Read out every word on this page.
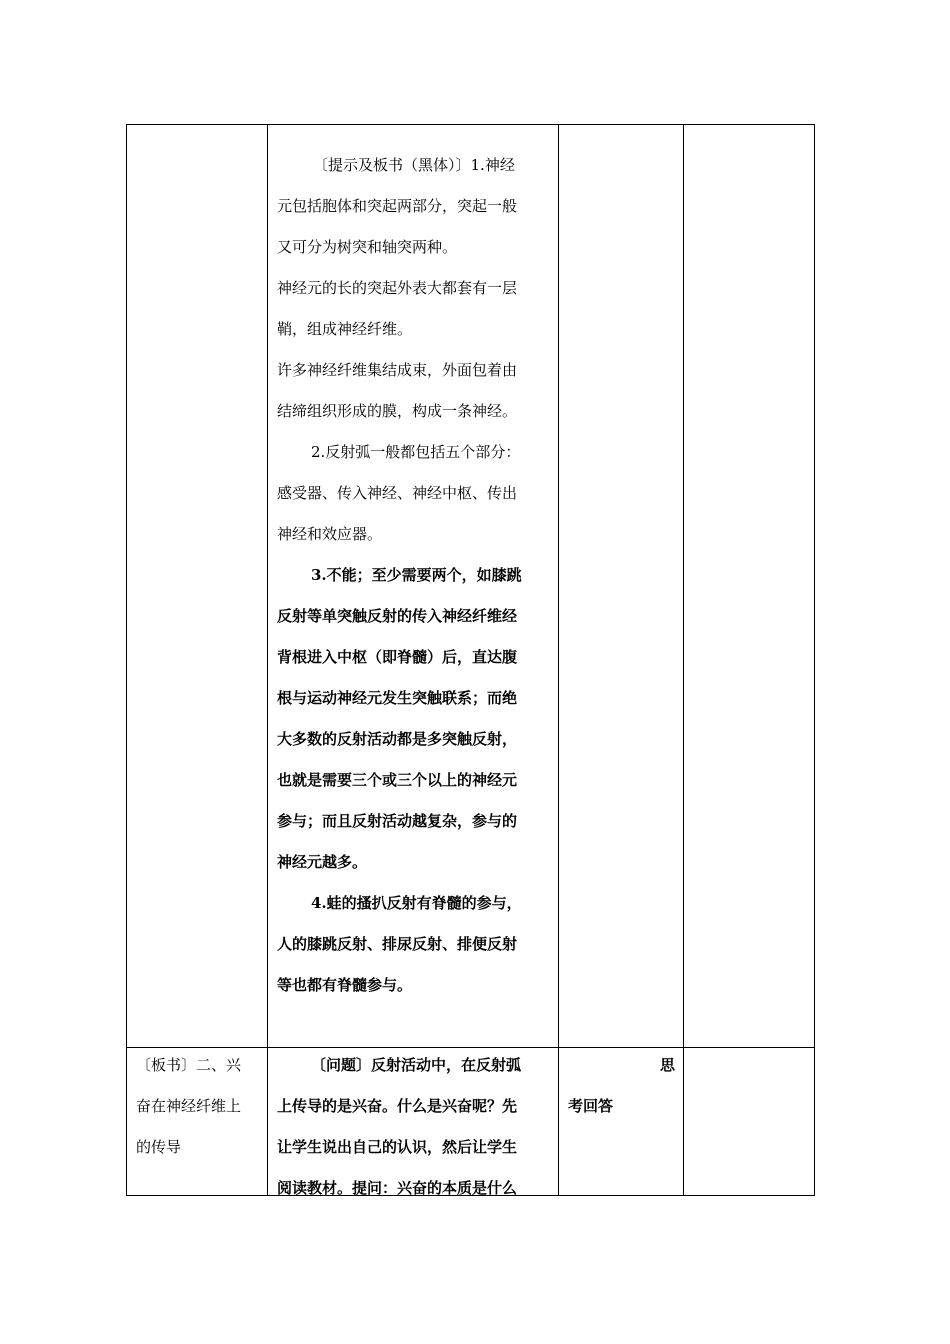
〔提示及板书（黑体）〕1.神经
元包括胞体和突起两部分，突起一般
又可分为树突和轴突两种。
神经元的长的突起外表大都套有一层
鞘，组成神经纤维。
许多神经纤维集结成束，外面包着由
结缔组织形成的膜，构成一条神经。
2.反射弧一般都包括五个部分：
感受器、传入神经、神经中枢、传出
神经和效应器。
3.不能；至少需要两个，如膝跳
反射等单突触反射的传入神经纤维经
背根进入中枢（即脊髓）后，直达腹
根与运动神经元发生突触联系；而绝
大多数的反射活动都是多突触反射，
也就是需要三个或三个以上的神经元
参与；而且反射活动越复杂，参与的
神经元越多。
4.蛙的搔扒反射有脊髓的参与，
人的膝跳反射、排尿反射、排便反射
等也都有脊髓参与。
〔板书〕二、兴
奋在神经纤维上
的传导
〔问题〕反射活动中，在反射弧
上传导的是兴奋。什么是兴奋呢？先
让学生说出自己的认识，然后让学生
阅读教材。提问：兴奋的本质是什么
思
考回答
